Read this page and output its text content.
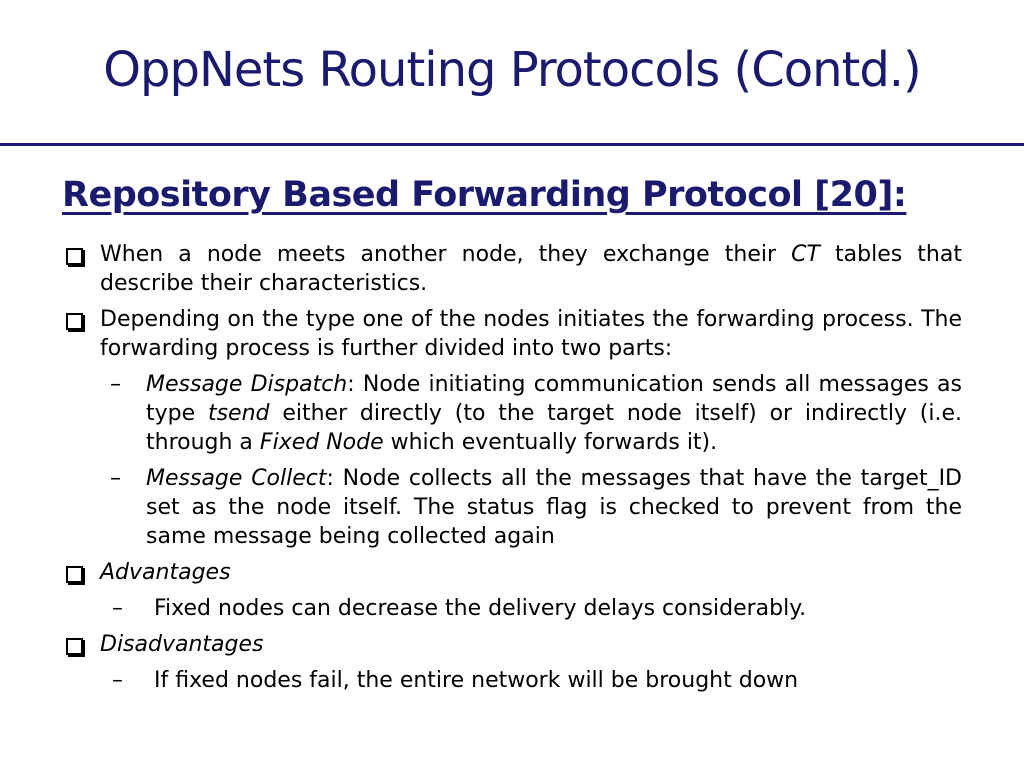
OppNets Routing Protocols (Contd.)
Repository Based Forwarding Protocol [20]:
When a node meets another node, they exchange their CT tables that describe their characteristics.
Depending on the type one of the nodes initiates the forwarding process. The forwarding process is further divided into two parts:
– Message Dispatch: Node initiating communication sends all messages as type tsend either directly (to the target node itself) or indirectly (i.e. through a Fixed Node which eventually forwards it).
– Message Collect: Node collects all the messages that have the target_ID set as the node itself. The status flag is checked to prevent from the same message being collected again
Advantages
– Fixed nodes can decrease the delivery delays considerably.
Disadvantages
– If fixed nodes fail, the entire network will be brought down
